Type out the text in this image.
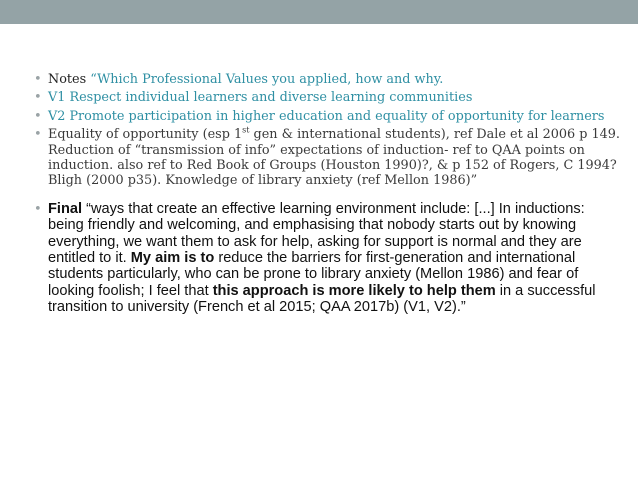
• Notes “Which Professional Values you applied, how and why.
• V1 Respect individual learners and diverse learning communities
• V2 Promote participation in higher education and equality of opportunity for learners
• Equality of opportunity (esp 1st gen & international students), ref Dale et al 2006 p 149. Reduction of “transmission of info” expectations of induction- ref to QAA points on induction. also ref to Red Book of Groups (Houston 1990)?, & p 152 of Rogers, C 1994? Bligh (2000 p35). Knowledge of library anxiety (ref Mellon 1986)”
• Final “ways that create an effective learning environment include: [...] In inductions: being friendly and welcoming, and emphasising that nobody starts out by knowing everything, we want them to ask for help, asking for support is normal and they are entitled to it. My aim is to reduce the barriers for first-generation and international students particularly, who can be prone to library anxiety (Mellon 1986) and fear of looking foolish; I feel that this approach is more likely to help them in a successful transition to university (French et al 2015; QAA 2017b) (V1, V2).”
